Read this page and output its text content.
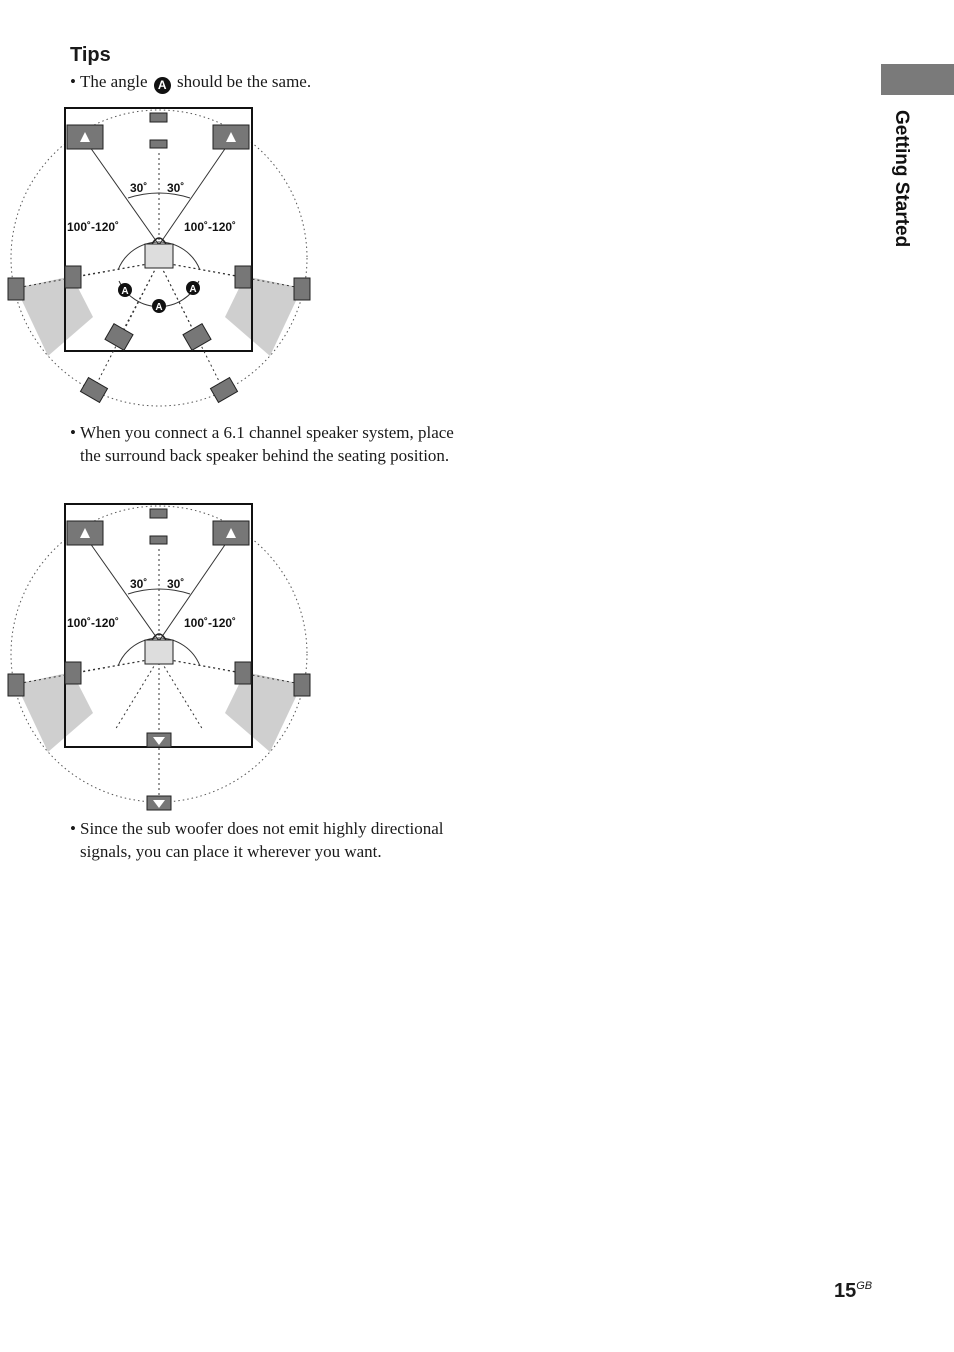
Getting Started
Tips
• The angle A should be the same.
30˚ 30˚
100˚-120˚	100˚-120˚
A
A
A
• When you connect a 6.1 channel speaker system, place the surround back speaker behind the seating position.
30˚ 30˚
100˚-120˚	100˚-120˚
• Since the sub woofer does not emit highly directional signals, you can place it wherever you want.
$15^{GB}$
